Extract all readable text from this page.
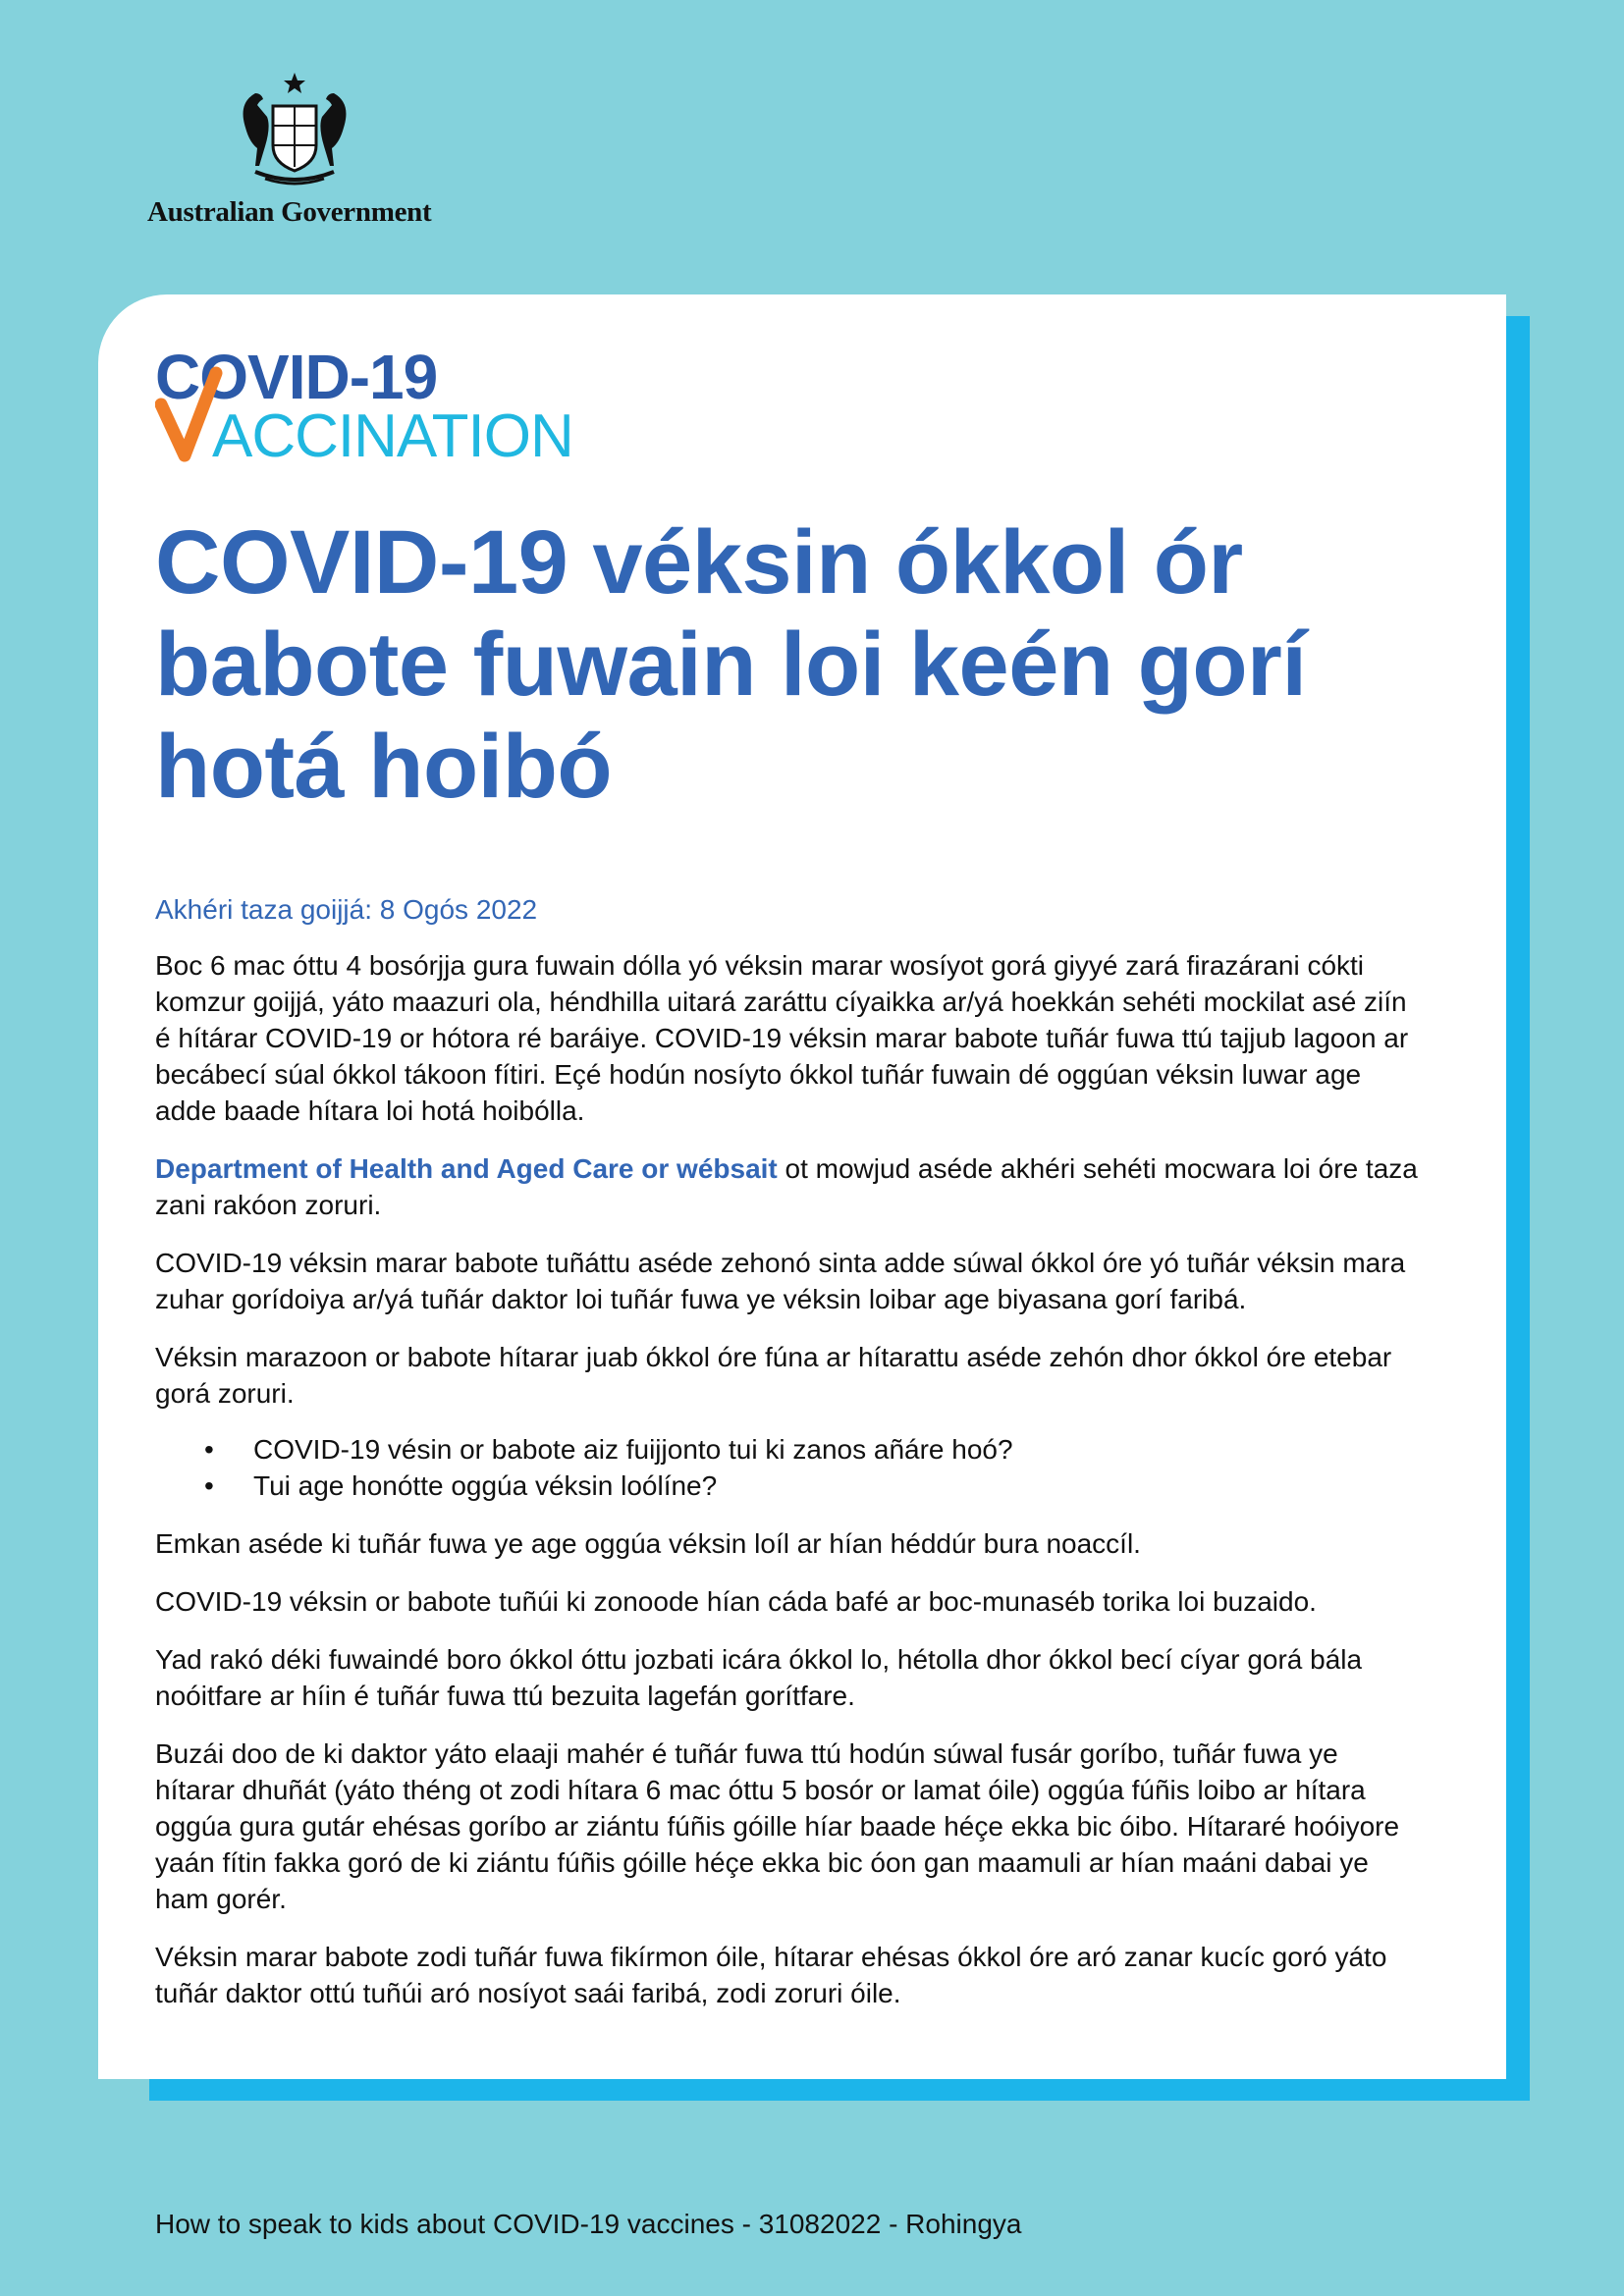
Australian Government
COVID-19
ACCINATION
COVID-19 véksin ókkol ór babote fuwain loi keén gorí hotá hoibó
Akhéri taza goijjá: 8 Ogós 2022

Boc 6 mac óttu 4 bosórjja gura fuwain dólla yó véksin marar wosíyot gorá giyyé zará firazárani cókti komzur goijjá, yáto maazuri ola, héndhilla uitará zaráttu cíyaikka ar/yá hoekkán sehéti mockilat asé ziín é hítárar COVID-19 or hótora ré baráiye. COVID-19 véksin marar babote tuñár fuwa ttú tajjub lagoon ar becábecí súal ókkol tákoon fítiri. Eçé hodún nosíyto ókkol tuñár fuwain dé oggúan véksin luwar age adde baade hítara loi hotá hoibólla.

Department of Health and Aged Care or wébsait ot mowjud aséde akhéri sehéti mocwara loi óre taza zani rakóon zoruri.

COVID-19 véksin marar babote tuñáttu aséde zehonó sinta adde súwal ókkol óre yó tuñár véksin mara zuhar gorídoiya ar/yá tuñár daktor loi tuñár fuwa ye véksin loibar age biyasana gorí faribá.

Véksin marazoon or babote hítarar juab ókkol óre fúna ar hítarattu aséde zehón dhor ókkol óre etebar gorá zoruri.

• COVID-19 vésin or babote aiz fuijjonto tui ki zanos añáre hoó?
• Tui age honótte oggúa véksin loólíne?

Emkan aséde ki tuñár fuwa ye age oggúa véksin loíl ar hían héddúr bura noaccíl.

COVID-19 véksin or babote tuñúi ki zonoode hían cáda bafé ar boc-munaséb torika loi buzaido.

Yad rakó déki fuwaindé boro ókkol óttu jozbati icára ókkol lo, hétolla dhor ókkol becí cíyar gorá bála noóitfare ar híin é tuñár fuwa ttú bezuita lagefán gorítfare.

Buzái doo de ki daktor yáto elaaji mahér é tuñár fuwa ttú hodún súwal fusár goríbo, tuñár fuwa ye hítarar dhuñát (yáto théng ot zodi hítara 6 mac óttu 5 bosór or lamat óile) oggúa fúñis loibo ar hítara oggúa gura gutár ehésas goríbo ar ziántu fúñis góille híar baade héçe ekka bic óibo. Hítararé hoóiyore yaán fítin fakka goró de ki ziántu fúñis góille héçe ekka bic óon gan maamuli ar hían maáni dabai ye ham gorér.

Véksin marar babote zodi tuñár fuwa fikírmon óile, hítarar ehésas ókkol óre aró zanar kucíc goró yáto tuñár daktor ottú tuñúi aró nosíyot saái faribá, zodi zoruri óile.

How to speak to kids about COVID-19 vaccines - 31082022 - Rohingya
